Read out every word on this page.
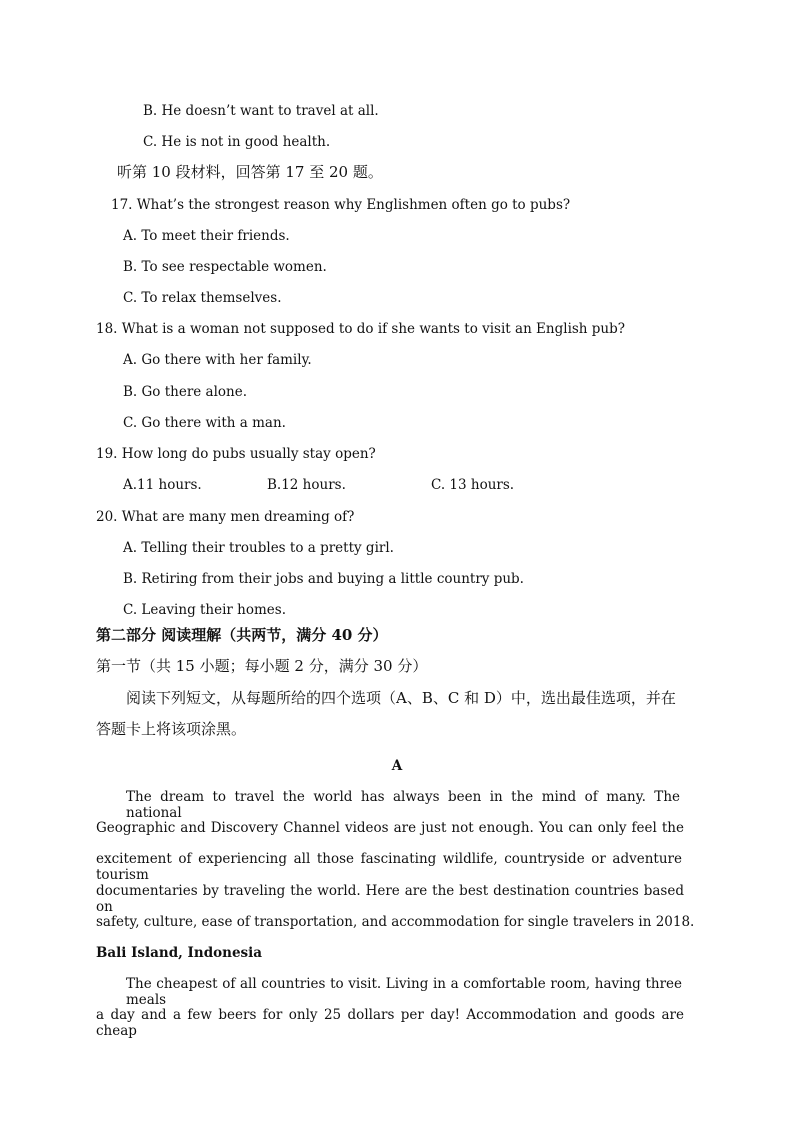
B. He doesn’t want to travel at all.
C. He is not in good health.
听第 10 段材料，回答第 17 至 20 题。
17. What’s the strongest reason why Englishmen often go to pubs?
A. To meet their friends.
B. To see respectable women.
C. To relax themselves.
18. What is a woman not supposed to do if she wants to visit an English pub?
A. Go there with her family.
B. Go there alone.
C. Go there with a man.
19. How long do pubs usually stay open?
A.11 hours.	B.12 hours.	C. 13 hours.
20. What are many men dreaming of?
A. Telling their troubles to a pretty girl.
B. Retiring from their jobs and buying a little country pub.
C. Leaving their homes.
第二部分 阅读理解（共两节，满分 40 分）
第一节（共 15 小题；每小题 2 分，满分 30 分）
阅读下列短文，从每题所给的四个选项（A、B、C 和 D）中，选出最佳选项，并在
答题卡上将该项涂黑。
A
The dream to travel the world has always been in the mind of many. The national
Geographic and Discovery Channel videos are just not enough. You can only feel the
excitement of experiencing all those fascinating wildlife, countryside or adventure tourism
documentaries by traveling the world. Here are the best destination countries based on
safety, culture, ease of transportation, and accommodation for single travelers in 2018.
Bali Island, Indonesia
The cheapest of all countries to visit. Living in a comfortable room, having three meals
a day and a few beers for only 25 dollars per day! Accommodation and goods are cheap
